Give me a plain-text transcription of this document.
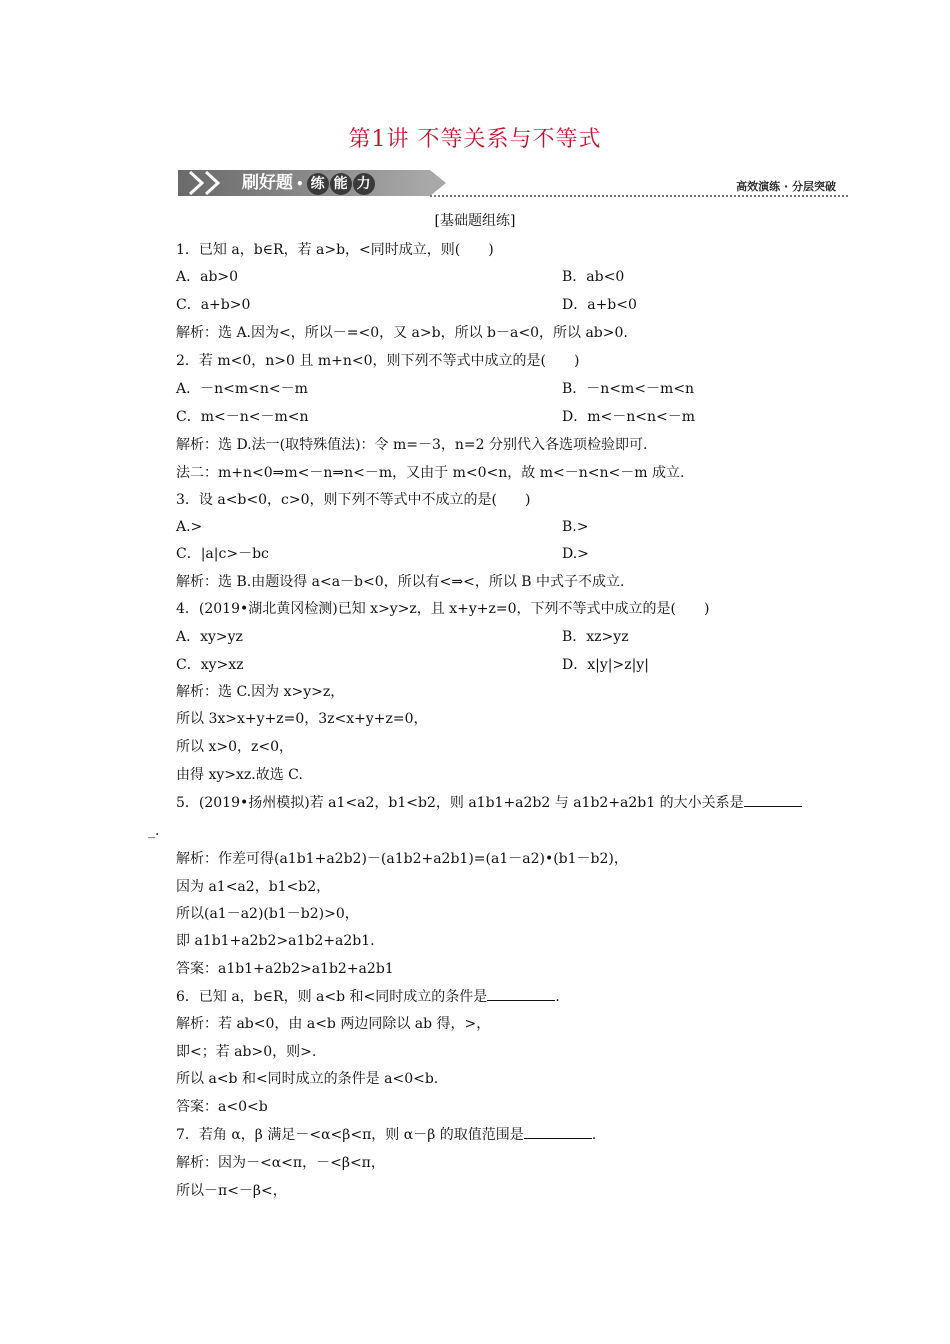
第1讲 不等关系与不等式
刷好题 • 练 能 力	高效演练 · 分层突破
[基础题组练]
1．已知 a，b∈R，若 a>b，<同时成立，则(　　)
A．ab>0	B．ab<0
C．a+b>0	D．a+b<0
解析：选 A.因为<，所以－=<0，又 a>b，所以 b－a<0，所以 ab>0.
2．若 m<0，n>0 且 m+n<0，则下列不等式中成立的是(　　)
A．－n<m<n<－m	B．－n<m<－m<n
C．m<－n<－m<n	D．m<－n<n<－m
解析：选 D.法一(取特殊值法)：令 m=－3，n=2 分别代入各选项检验即可.
法二：m+n<0⇒m<－n⇒n<－m，又由于 m<0<n，故 m<－n<n<－m 成立.
3．设 a<b<0，c>0，则下列不等式中不成立的是(　　)
A.>	B.>
C．|a|c>－bc	D.>
解析：选 B.由题设得 a<a－b<0，所以有<⇒<，所以 B 中式子不成立.
4．(2019•湖北黄冈检测)已知 x>y>z，且 x+y+z=0，下列不等式中成立的是(　　)
A．xy>yz	B．xz>yz
C．xy>xz	D．x|y|>z|y|
解析：选 C.因为 x>y>z，
所以 3x>x+y+z=0，3z<x+y+z=0，
所以 x>0，z<0，
由得 xy>xz.故选 C.
5．(2019•扬州模拟)若 a1<a2，b1<b2，则 a1b1+a2b2 与 a1b2+a2b1 的大小关系是
_.
解析：作差可得(a1b1+a2b2)－(a1b2+a2b1)=(a1－a2)•(b1－b2)，
因为 a1<a2，b1<b2，
所以(a1－a2)(b1－b2)>0，
即 a1b1+a2b2>a1b2+a2b1.
答案：a1b1+a2b2>a1b2+a2b1
6．已知 a，b∈R，则 a<b 和<同时成立的条件是	.
解析：若 ab<0，由 a<b 两边同除以 ab 得，>，
即<；若 ab>0，则>.
所以 a<b 和<同时成立的条件是 a<0<b.
答案：a<0<b
7．若角 α，β 满足－<α<β<π，则 α－β 的取值范围是	.
解析：因为－<α<π，－<β<π，
所以－π<－β<，
